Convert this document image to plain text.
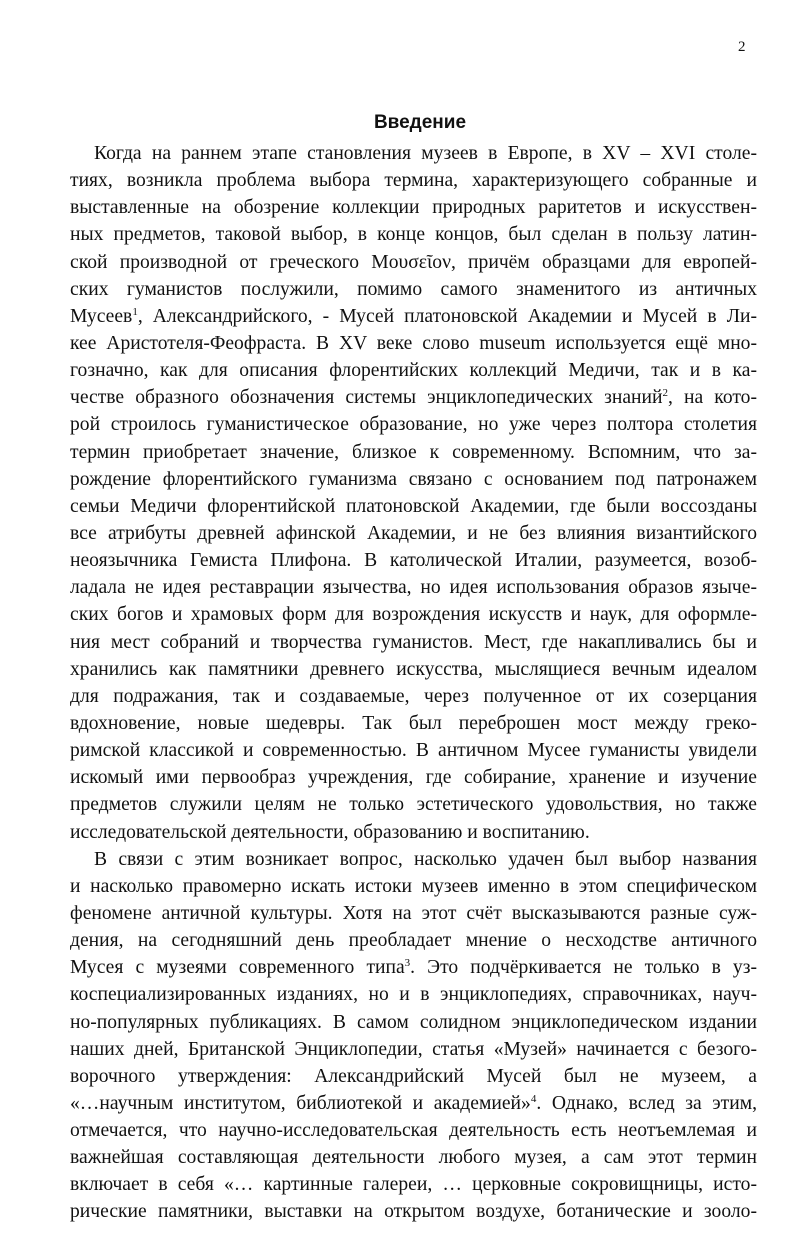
2
Введение
Когда на раннем этапе становления музеев в Европе, в XV – XVI столе-
тиях, возникла проблема выбора термина, характеризующего собранные и
выставленные на обозрение коллекции природных раритетов и искусствен-
ных предметов, таковой выбор, в конце концов, был сделан в пользу латин-
ской производной от греческого Μουσεῖον, причём образцами для европей-
ских гуманистов послужили, помимо самого знаменитого из античных
Мусеев$^1$, Александрийского, - Мусей платоновской Академии и Мусей в Ли-
кее Аристотеля-Феофраста. В XV веке слово museum используется ещё мно-
гозначно, как для описания флорентийских коллекций Медичи, так и в ка-
честве образного обозначения системы энциклопедических знаний$^2$, на кото-
рой строилось гуманистическое образование, но уже через полтора столетия
термин приобретает значение, близкое к современному. Вспомним, что за-
рождение флорентийского гуманизма связано с основанием под патронажем
семьи Медичи флорентийской платоновской Академии, где были воссозданы
все атрибуты древней афинской Академии, и не без влияния византийского
неоязычника Гемиста Плифона. В католической Италии, разумеется, возоб-
ладала не идея реставрации язычества, но идея использования образов языче-
ских богов и храмовых форм для возрождения искусств и наук, для оформле-
ния мест собраний и творчества гуманистов. Мест, где накапливались бы и
хранились как памятники древнего искусства, мыслящиеся вечным идеалом
для подражания, так и создаваемые, через полученное от их созерцания
вдохновение, новые шедевры. Так был переброшен мост между греко-
римской классикой и современностью. В античном Мусее гуманисты увидели
искомый ими первообраз учреждения, где собирание, хранение и изучение
предметов служили целям не только эстетического удовольствия, но также
исследовательской деятельности, образованию и воспитанию.
В связи с этим возникает вопрос, насколько удачен был выбор названия
и насколько правомерно искать истоки музеев именно в этом специфическом
феномене античной культуры. Хотя на этот счёт высказываются разные суж-
дения, на сегодняшний день преобладает мнение о несходстве античного
Мусея с музеями современного типа$^3$. Это подчёркивается не только в уз-
коспециализированных изданиях, но и в энциклопедиях, справочниках, науч-
но-популярных публикациях. В самом солидном энциклопедическом издании
наших дней, Британской Энциклопедии, статья «Музей» начинается с безого-
ворочного утверждения: Александрийский Мусей был не музеем, а
«…научным институтом, библиотекой и академией»$^4$. Однако, вслед за этим,
отмечается, что научно-исследовательская деятельность есть неотъемлемая и
важнейшая составляющая деятельности любого музея, а сам этот термин
включает в себя «… картинные галереи, … церковные сокровищницы, исто-
рические памятники, выставки на открытом воздухе, ботанические и зооло-
